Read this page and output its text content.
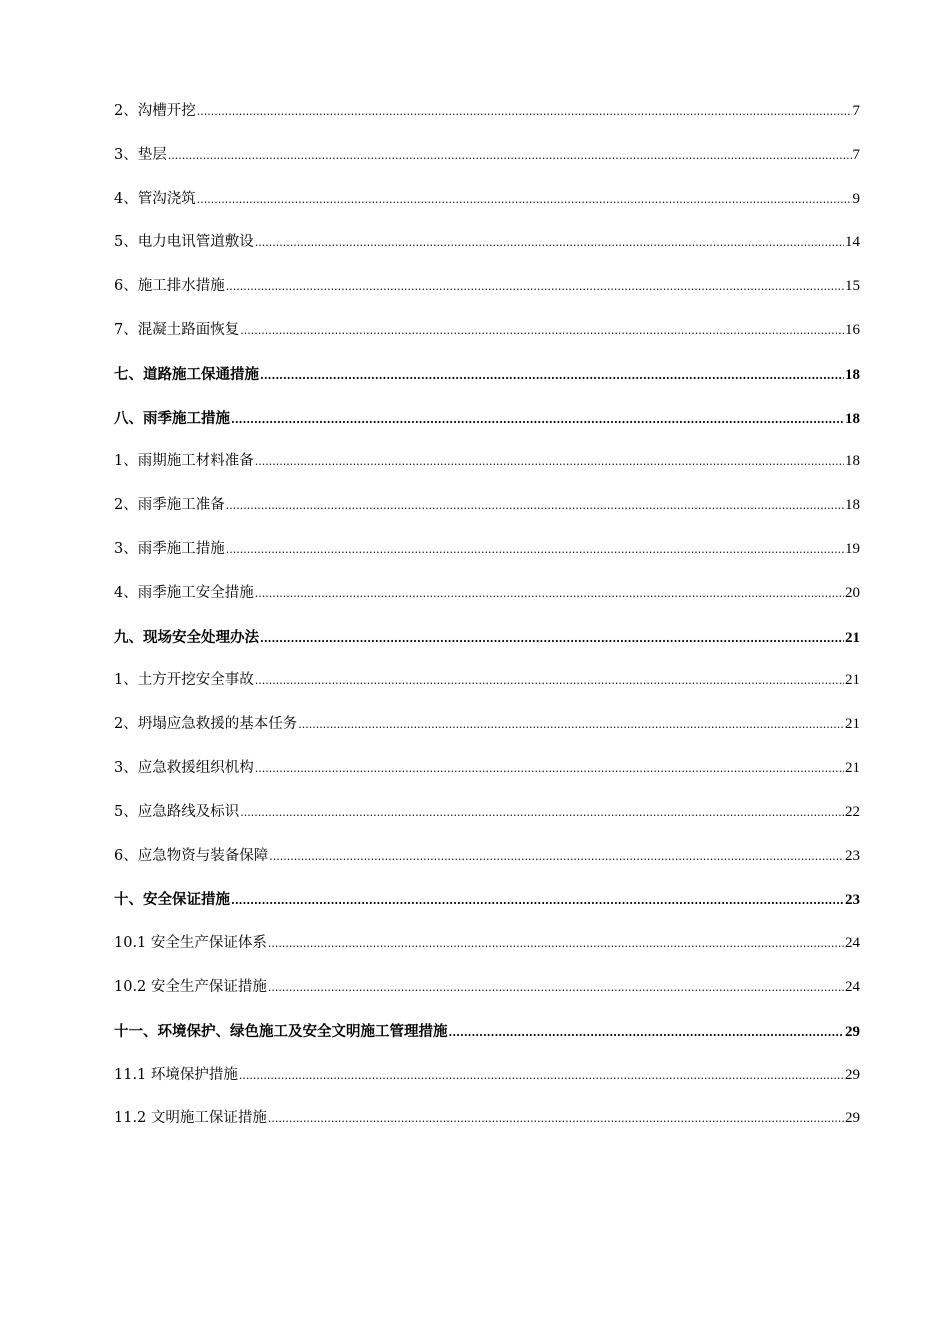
2、沟槽开挖 .....	7
3、垫层 .....	7
4、管沟浇筑 .....	9
5、电力电讯管道敷设 .....	14
6、施工排水措施 .....	15
7、混凝土路面恢复 .....	16
七、道路施工保通措施 .....	18
八、雨季施工措施 .....	18
1、雨期施工材料准备 .....	18
2、雨季施工准备 .....	18
3、雨季施工措施 .....	19
4、雨季施工安全措施 .....	20
九、现场安全处理办法 .....	21
1、土方开挖安全事故 .....	21
2、坍塌应急救援的基本任务 .....	21
3、应急救援组织机构 .....	21
5、应急路线及标识 .....	22
6、应急物资与装备保障 .....	23
十、安全保证措施 .....	23
10.1 安全生产保证体系 .....	24
10.2 安全生产保证措施 .....	24
十一、环境保护、绿色施工及安全文明施工管理措施 .....	29
11.1 环境保护措施 .....	29
11.2 文明施工保证措施 .....	29
